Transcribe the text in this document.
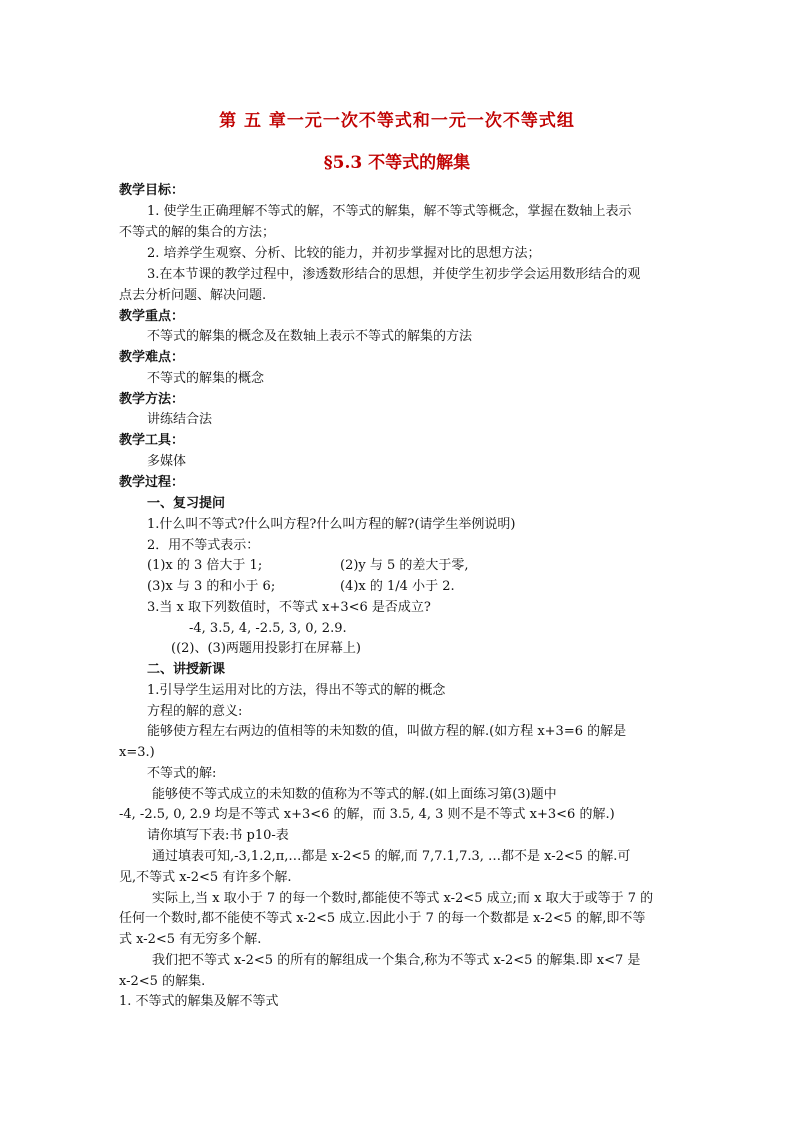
第 五 章一元一次不等式和一元一次不等式组
§5.3 不等式的解集
教学目标：
1. 使学生正确理解不等式的解，不等式的解集，解不等式等概念，掌握在数轴上表示
不等式的解的集合的方法；
2. 培养学生观察、分析、比较的能力，并初步掌握对比的思想方法；
3.在本节课的教学过程中，渗透数形结合的思想，并使学生初步学会运用数形结合的观
点去分析问题、解决问题.
教学重点：
不等式的解集的概念及在数轴上表示不等式的解集的方法
教学难点：
不等式的解集的概念
教学方法：
讲练结合法
教学工具：
多媒体
教学过程：
一、复习提问
1.什么叫不等式?什么叫方程?什么叫方程的解?(请学生举例说明)
2．用不等式表示：
(1)x 的 3 倍大于 1;	(2)y 与 5 的差大于零,
(3)x 与 3 的和小于 6;	(4)x 的 1/4 小于 2.
3.当 x 取下列数值时，不等式 x+3<6 是否成立?
-4, 3.5, 4, -2.5, 3, 0, 2.9.
((2)、(3)两题用投影打在屏幕上)
二、讲授新课
1.引导学生运用对比的方法，得出不等式的解的概念
方程的解的意义:
能够使方程左右两边的值相等的未知数的值，叫做方程的解.(如方程 x+3=6 的解是
x=3.)
不等式的解:
能够使不等式成立的未知数的值称为不等式的解.(如上面练习第(3)题中
-4, -2.5, 0, 2.9 均是不等式 x+3<6 的解，而 3.5, 4, 3 则不是不等式 x+3<6 的解.)
请你填写下表:书 p10-表
通过填表可知,-3,1.2,π,…都是 x-2<5 的解,而 7,7.1,7.3, …都不是 x-2<5 的解.可
见,不等式 x-2<5 有许多个解.
实际上,当 x 取小于 7 的每一个数时,都能使不等式 x-2<5 成立;而 x 取大于或等于 7 的
任何一个数时,都不能使不等式 x-2<5 成立.因此小于 7 的每一个数都是 x-2<5 的解,即不等
式 x-2<5 有无穷多个解.
我们把不等式 x-2<5 的所有的解组成一个集合,称为不等式 x-2<5 的解集.即 x<7 是
x-2<5 的解集.
1. 不等式的解集及解不等式
